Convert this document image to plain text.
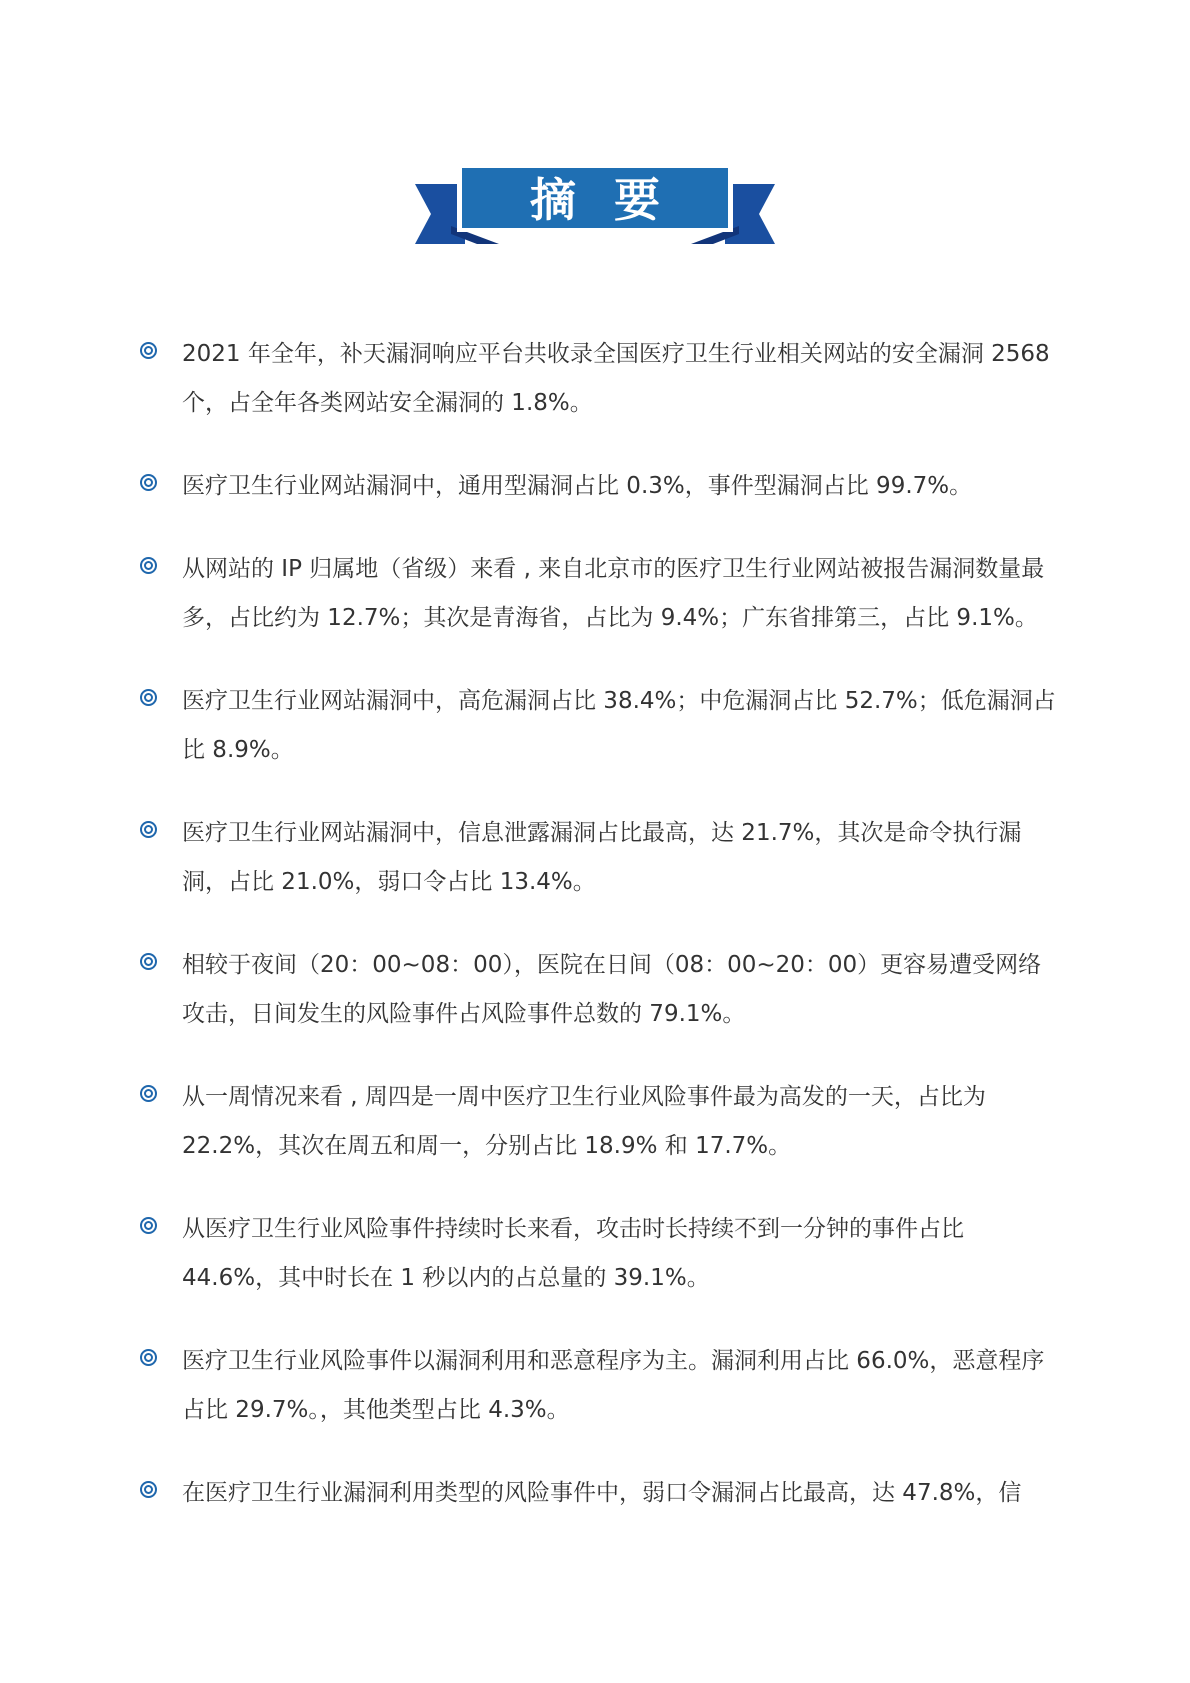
摘要
2021 年全年，补天漏洞响应平台共收录全国医疗卫生行业相关网站的安全漏洞 2568 个，占全年各类网站安全漏洞的 1.8%。
医疗卫生行业网站漏洞中，通用型漏洞占比 0.3%，事件型漏洞占比 99.7%。
从网站的 IP 归属地（省级）来看 , 来自北京市的医疗卫生行业网站被报告漏洞数量最多，占比约为 12.7%；其次是青海省，占比为 9.4%；广东省排第三，占比 9.1%。
医疗卫生行业网站漏洞中，高危漏洞占比 38.4%；中危漏洞占比 52.7%；低危漏洞占比 8.9%。
医疗卫生行业网站漏洞中，信息泄露漏洞占比最高，达 21.7%，其次是命令执行漏洞，占比 21.0%，弱口令占比 13.4%。
相较于夜间（20：00~08：00），医院在日间（08：00~20：00）更容易遭受网络攻击，日间发生的风险事件占风险事件总数的 79.1%。
从一周情况来看 , 周四是一周中医疗卫生行业风险事件最为高发的一天，占比为 22.2%，其次在周五和周一，分别占比 18.9% 和 17.7%。
从医疗卫生行业风险事件持续时长来看，攻击时长持续不到一分钟的事件占比 44.6%，其中时长在 1 秒以内的占总量的 39.1%。
医疗卫生行业风险事件以漏洞利用和恶意程序为主。漏洞利用占比 66.0%，恶意程序占比 29.7%。，其他类型占比 4.3%。
在医疗卫生行业漏洞利用类型的风险事件中，弱口令漏洞占比最高，达 47.8%，信
